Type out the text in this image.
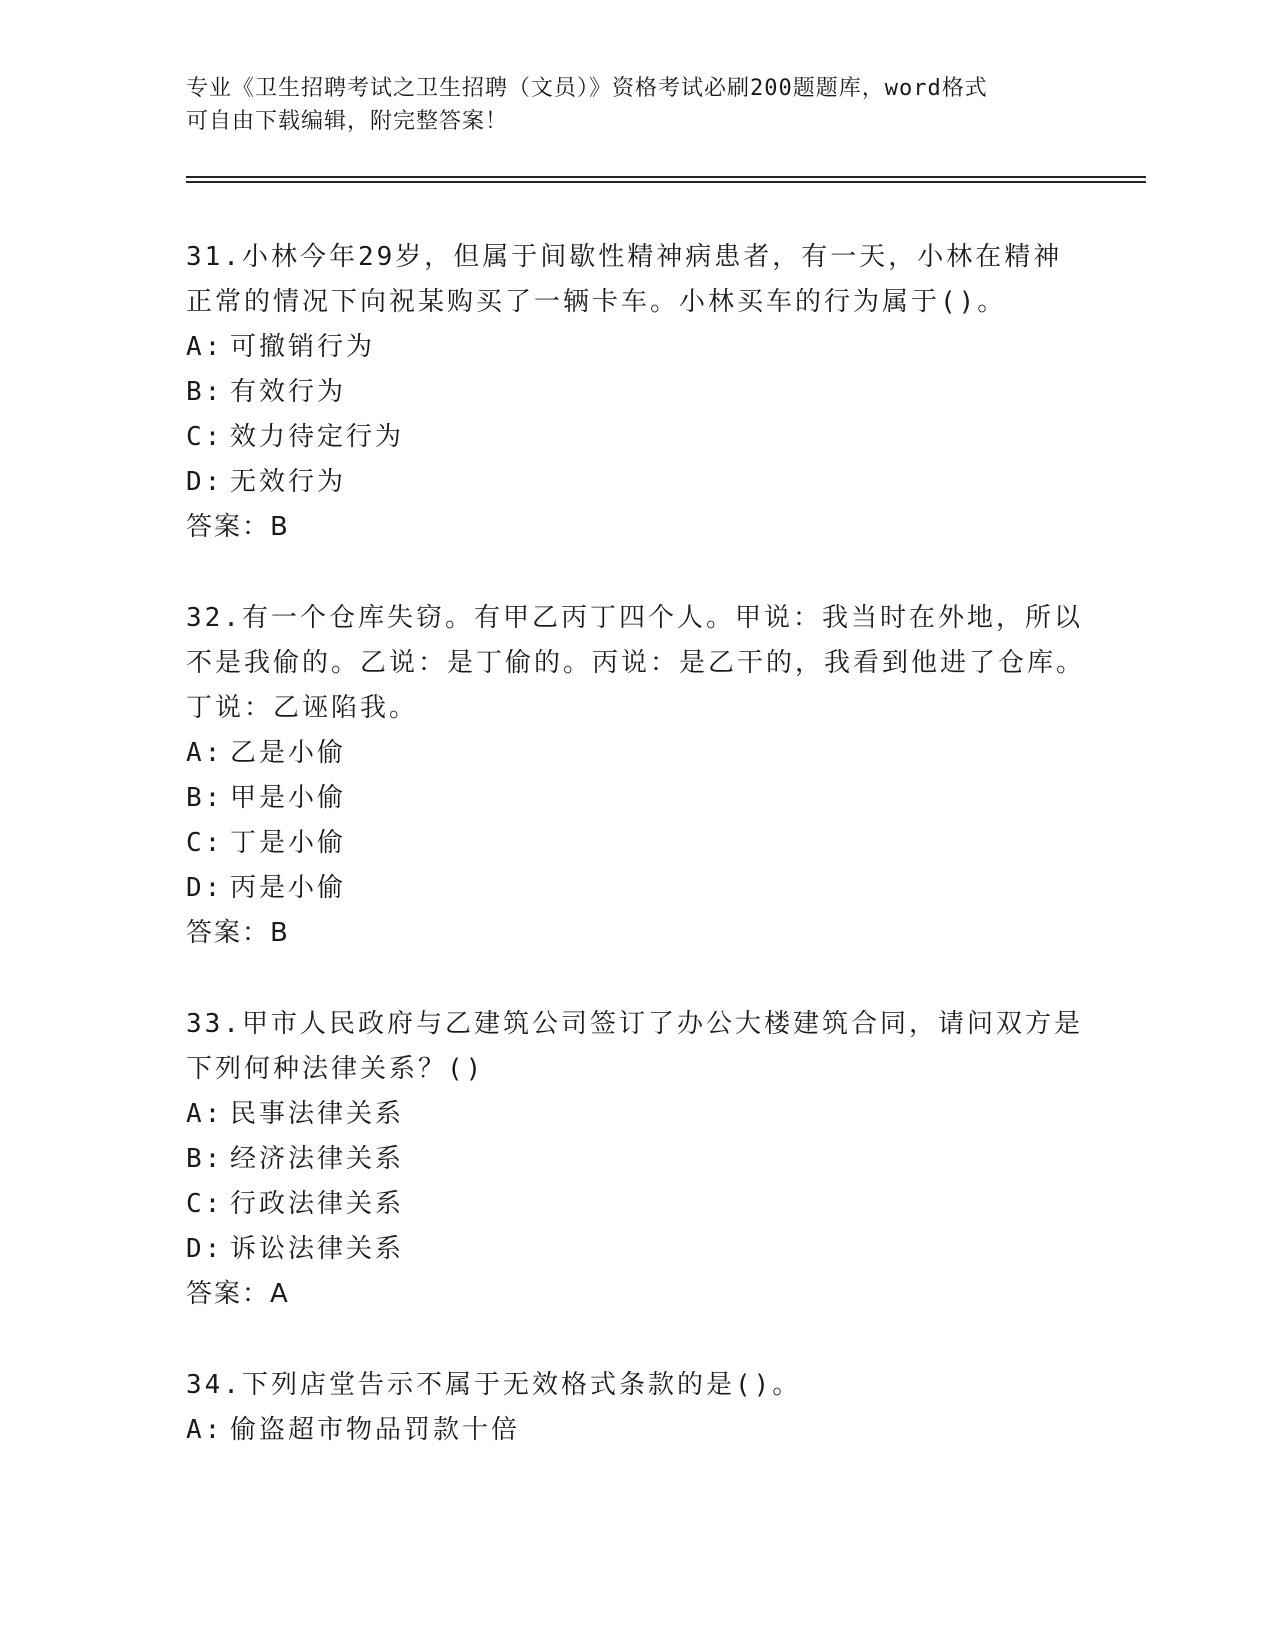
专业《卫生招聘考试之卫生招聘（文员）》资格考试必刷200题题库，word格式
可自由下载编辑，附完整答案！

31.小林今年29岁，但属于间歇性精神病患者，有一天，小林在精神正常的情况下向祝某购买了一辆卡车。小林买车的行为属于()。

A: 可撤销行为

B: 有效行为

C: 效力待定行为

D: 无效行为

答案：B

32.有一个仓库失窃。有甲乙丙丁四个人。甲说：我当时在外地，所以不是我偷的。乙说：是丁偷的。丙说：是乙干的，我看到他进了仓库。丁说：乙诬陷我。

A: 乙是小偷

B: 甲是小偷

C: 丁是小偷

D: 丙是小偷

答案：B

33.甲市人民政府与乙建筑公司签订了办公大楼建筑合同，请问双方是下列何种法律关系？()

A: 民事法律关系

B: 经济法律关系

C: 行政法律关系

D: 诉讼法律关系

答案：A

34.下列店堂告示不属于无效格式条款的是()。

A: 偷盗超市物品罚款十倍
